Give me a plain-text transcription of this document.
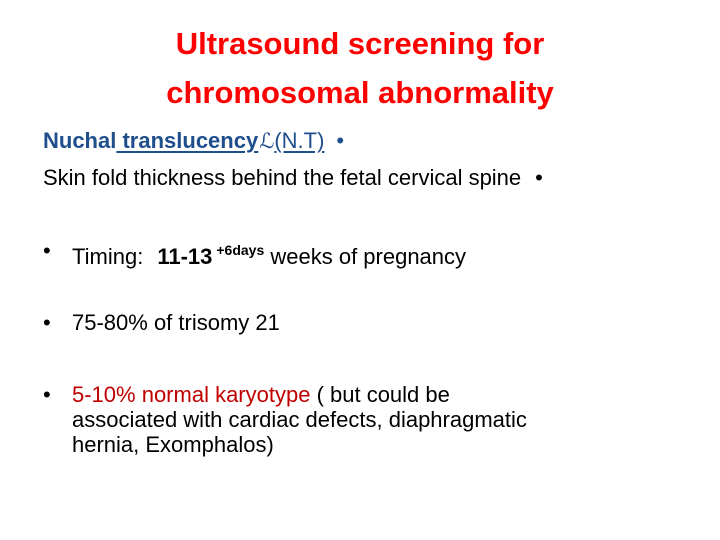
Ultrasound screening for
chromosomal abnormality
Nuchal translucencyℒ(N.T) •
Skin fold thickness behind the fetal cervical spine •
• Timing: 11-13 $^{+6days}$ weeks of pregnancy
• 75-80% of trisomy 21
• 5-10% normal karyotype ( but could be
associated with cardiac defects, diaphragmatic
hernia, Exomphalos)
